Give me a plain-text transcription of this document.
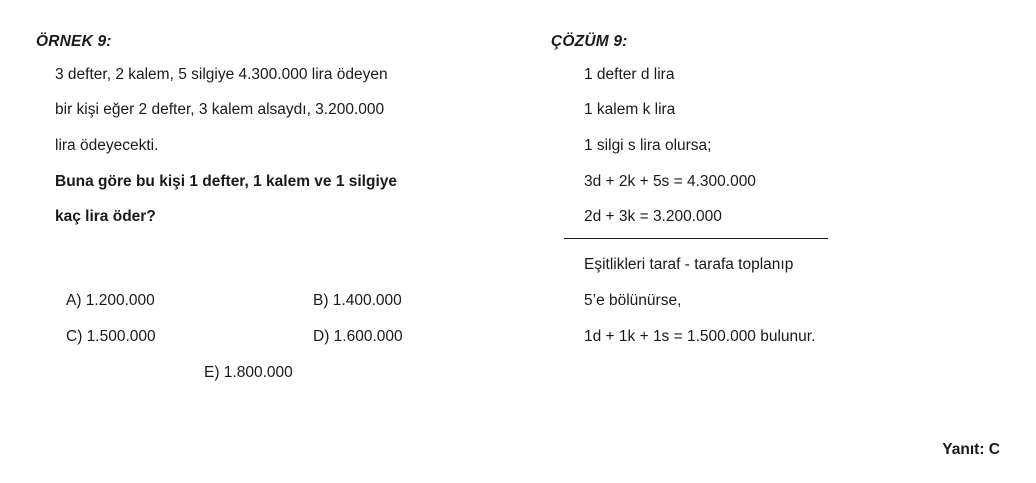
ÖRNEK 9:
3 defter, 2 kalem, 5 silgiye 4.300.000 lira ödeyen
bir kişi eğer 2 defter, 3 kalem alsaydı, 3.200.000
lira ödeyecekti.
Buna göre bu kişi 1 defter, 1 kalem ve 1 silgiye
kaç lira öder?
A) 1.200.000	B) 1.400.000
C) 1.500.000	D) 1.600.000
E) 1.800.000
ÇÖZÜM 9:
1 defter d lira
1 kalem k lira
1 silgi s lira olursa;
3d + 2k + 5s = 4.300.000
2d + 3k = 3.200.000
Eşitlikleri taraf - tarafa toplanıp
5’e bölünürse,
1d + 1k + 1s = 1.500.000 bulunur.
Yanıt: C
